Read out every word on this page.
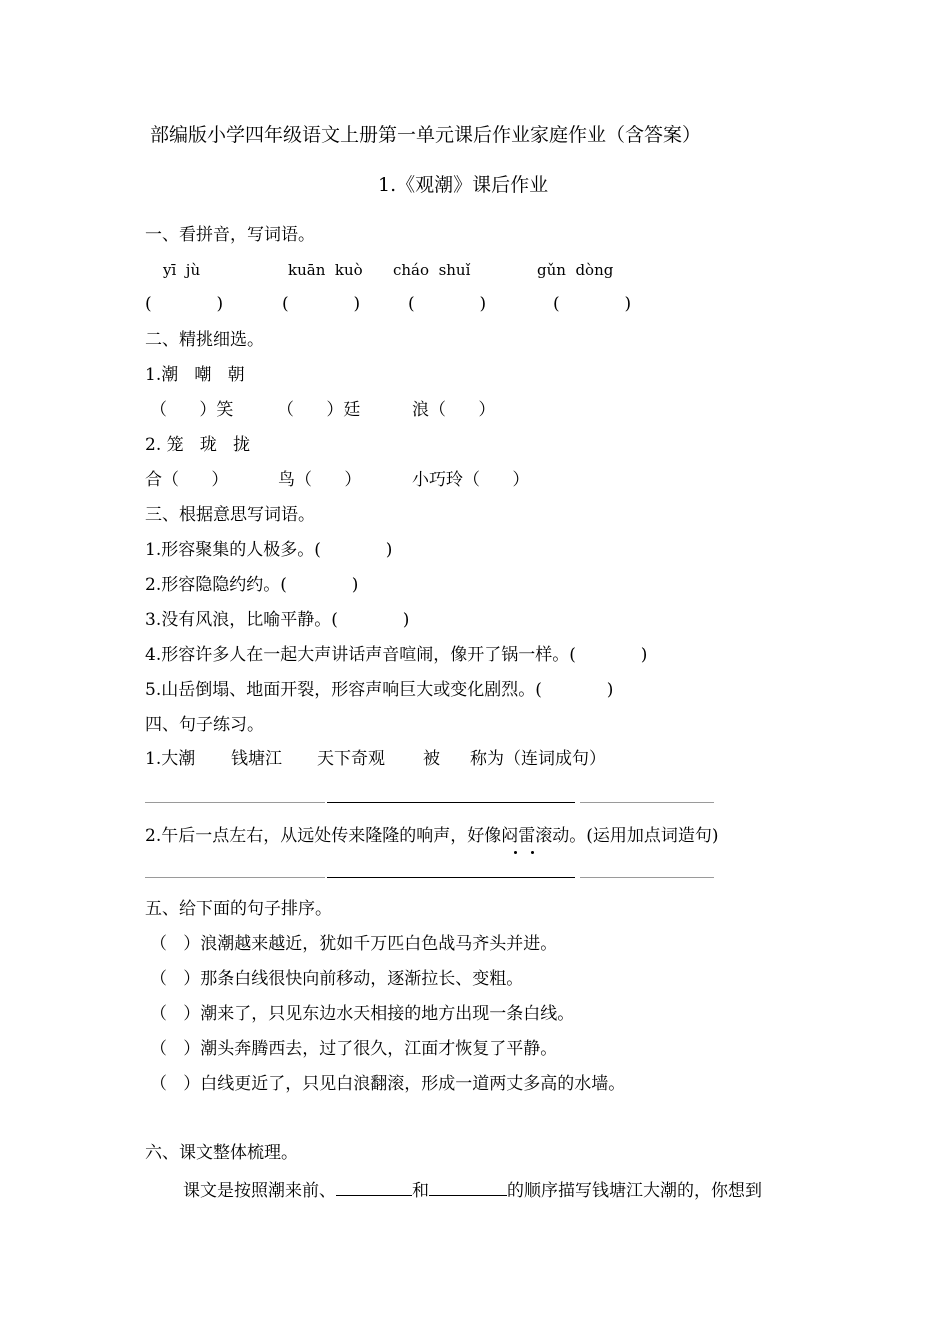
部编版小学四年级语文上册第一单元课后作业家庭作业（含答案）
1.《观潮》课后作业
一、看拼音，写词语。
yī  jù	kuān  kuò cháo  shuǐ	gǔn  dòng
(            )	(            )	(            )	(            )
二、精挑细选。
1.潮   嘲   朝
（      ）笑	（      ）廷	浪（      ）
2. 笼   珑   拢
合（      ）	鸟（      ）	小巧玲（      ）
三、根据意思写词语。
1.形容聚集的人极多。(            )
2.形容隐隐约约。(            )
3.没有风浪，比喻平静。(            )
4.形容许多人在一起大声讲话声音喧闹，像开了锅一样。(            )
5.山岳倒塌、地面开裂，形容声响巨大或变化剧烈。(            )
四、句子练习。
1.大潮 钱塘江 天下奇观 被 称为（连词成句）
2.午后一点左右，从远处传来隆隆的响声，好像闷雷滚动。(运用加点词造句)
五、给下面的句子排序。
（   ）浪潮越来越近，犹如千万匹白色战马齐头并进。
（   ）那条白线很快向前移动，逐渐拉长、变粗。
（   ）潮来了，只见东边水天相接的地方出现一条白线。
（   ）潮头奔腾西去，过了很久，江面才恢复了平静。
（   ）白线更近了，只见白浪翻滚，形成一道两丈多高的水墙。
六、课文整体梳理。
课文是按照潮来前、	和	的顺序描写钱塘江大潮的，你想到
